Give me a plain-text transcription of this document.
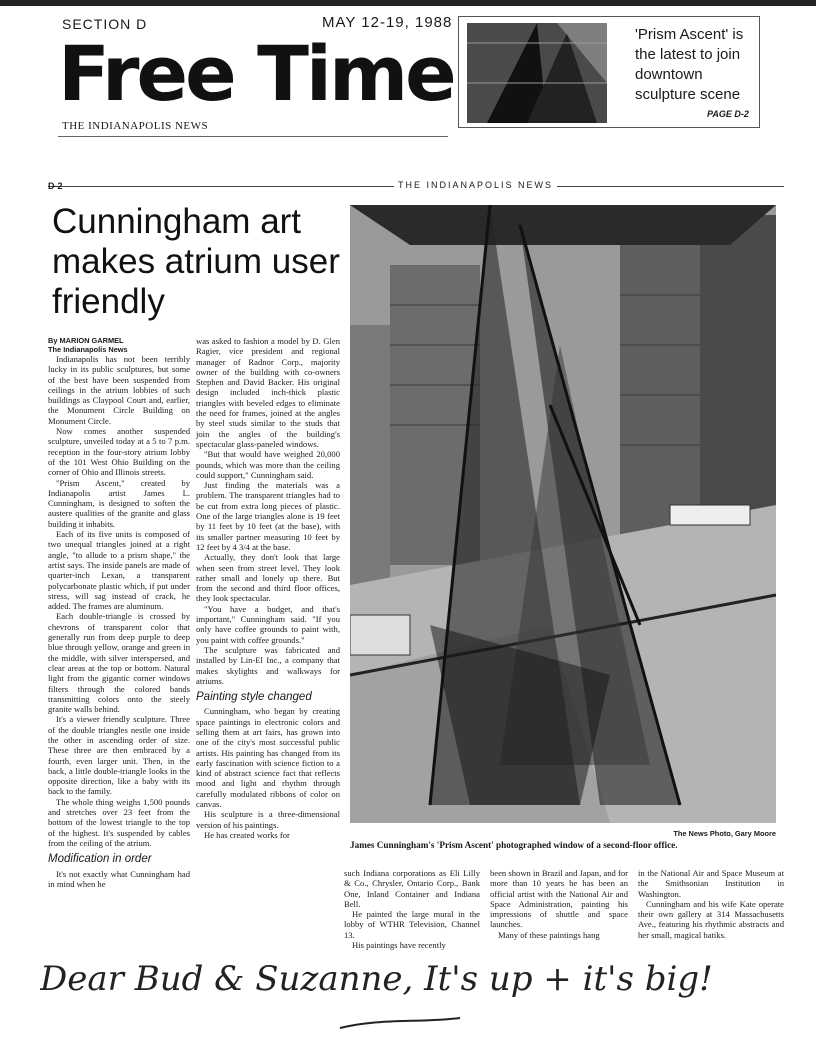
SECTION D	MAY 12-19, 1988
Free Time
THE INDIANAPOLIS NEWS
'Prism Ascent' is the latest to join downtown sculpture scene
PAGE D-2
D-2	THE INDIANAPOLIS NEWS
Cunningham art makes atrium user friendly
By MARION GARMEL
The Indianapolis News

Indianapolis has not been terribly lucky in its public sculptures, but some of the best have been suspended from ceilings in the atrium lobbies of such buildings as Claypool Court and, earlier, the Monument Circle Building on Monument Circle.

Now comes another suspended sculpture, unveiled today at a 5 to 7 p.m. reception in the four-story atrium lobby of the 101 West Ohio Building on the corner of Ohio and Illinois streets.

"Prism Ascent," created by Indianapolis artist James L. Cunningham, is designed to soften the austere qualities of the granite and glass building it inhabits.

Each of its five units is composed of two unequal triangles joined at a right angle, "to allude to a prism shape," the artist says. The inside panels are made of quarter-inch Lexan, a transparent polycarbonate plastic which, if put under stress, will sag instead of crack, he added. The frames are aluminum.

Each double-triangle is crossed by chevrons of transparent color that generally run from deep purple to deep blue through yellow, orange and green in the middle, with silver interspersed, and clear areas at the top or bottom. Natural light from the gigantic corner windows filters through the colored bands transmitting colors onto the steely granite walls behind.

It's a viewer friendly sculpture. Three of the double triangles nestle one inside the other in ascending order of size. These three are then embraced by a fourth, even larger unit. Then, in the back, a little double-triangle looks in the opposite direction, like a baby with its back to the family.

The whole thing weighs 1,500 pounds and stretches over 23 feet from the bottom of the lowest triangle to the top of the highest. It's suspended by cables from the ceiling of the atrium.

Modification in order

It's not exactly what Cunningham had in mind when he

was asked to fashion a model by D. Glen Ragier, vice president and regional manager of Radnor Corp., majority owner of the building with co-owners Stephen and David Backer. His original design included inch-thick plastic triangles with beveled edges to eliminate the need for frames, joined at the angles by steel studs similar to the studs that join the angles of the building's spectacular glass-paneled windows.

"But that would have weighed 20,000 pounds, which was more than the ceiling could support," Cunningham said.

Just finding the materials was a problem. The transparent triangles had to be cut from extra long pieces of plastic. One of the large triangles alone is 19 feet by 11 feet by 10 feet (at the base), with its smaller partner measuring 10 feet by 12 feet by 4 3/4 at the base.

Actually, they don't look that large when seen from street level. They look rather small and lonely up there. But from the second and third floor offices, they look spectacular.

"You have a budget, and that's important," Cunningham said. "If you only have coffee grounds to paint with, you paint with coffee grounds."

The sculpture was fabricated and installed by Lin-El Inc., a company that makes skylights and walkways for atriums.

Painting style changed

Cunningham, who began by creating space paintings in electronic colors and selling them at art fairs, has grown into one of the city's most successful public artists. His painting has changed from its early fascination with science fiction to a kind of abstract science fact that reflects mood and light and rhythm through carefully modulated ribbons of color on canvas.

His sculpture is a three-dimensional version of his paintings.

He has created works for	The News Photo, Gary Moore
James Cunningham's 'Prism Ascent' photographed window of a second-floor office.

such Indiana corporations as Eli Lilly & Co., Chrysler, Ontario Corp., Bank One, Inland Container and Indiana Bell.

He painted the large mural in the lobby of WTHR Television, Channel 13.

His paintings have recently

been shown in Brazil and Japan, and for more than 10 years he has been an official artist with the National Air and Space Administration, painting his impressions of shuttle and space launches.

Many of these paintings hang

in the National Air and Space Museum at the Smithsonian Institution in Washington.

Cunningham and his wife Kate operate their own gallery at 314 Massachusetts Ave., featuring his rhythmic abstracts and her small, magical batiks.

Dear Bud & Suzanne, It's up + it's big!
